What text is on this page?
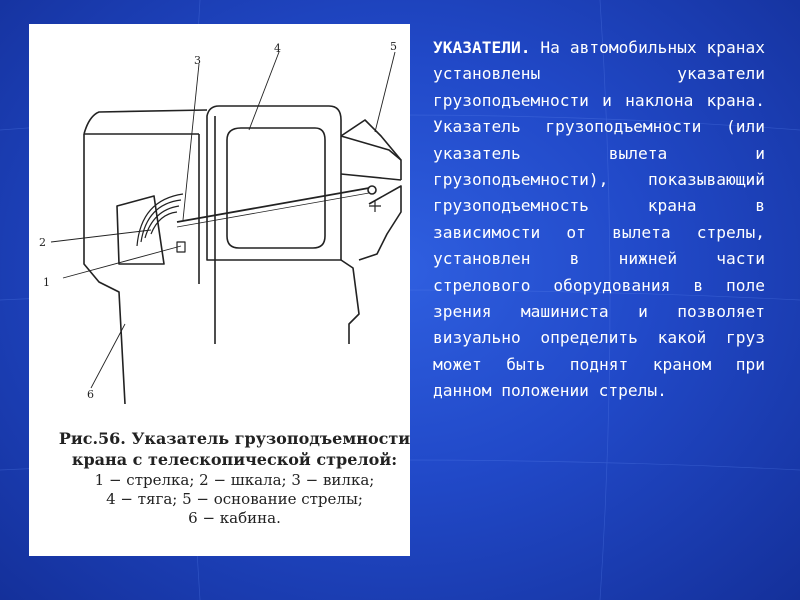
1
2
3
4	5
6

Рис.56. Указатель грузоподъемности
крана с телескопической стрелой:

1 − стрелка; 2 − шкала; 3 − вилка;
4 − тяга; 5 − основание стрелы;
6 − кабина.

УКАЗАТЕЛИ. На автомобильных кранах установлены указатели грузоподъемности и наклона крана. Указатель грузоподъемности (или указатель вылета и грузоподъемности), показывающий грузоподъемность крана в зависимости от вылета стрелы, установлен в нижней части стрелового оборудования в поле зрения машиниста и позволяет визуально определить какой груз может быть поднят краном при данном положении стрелы.
